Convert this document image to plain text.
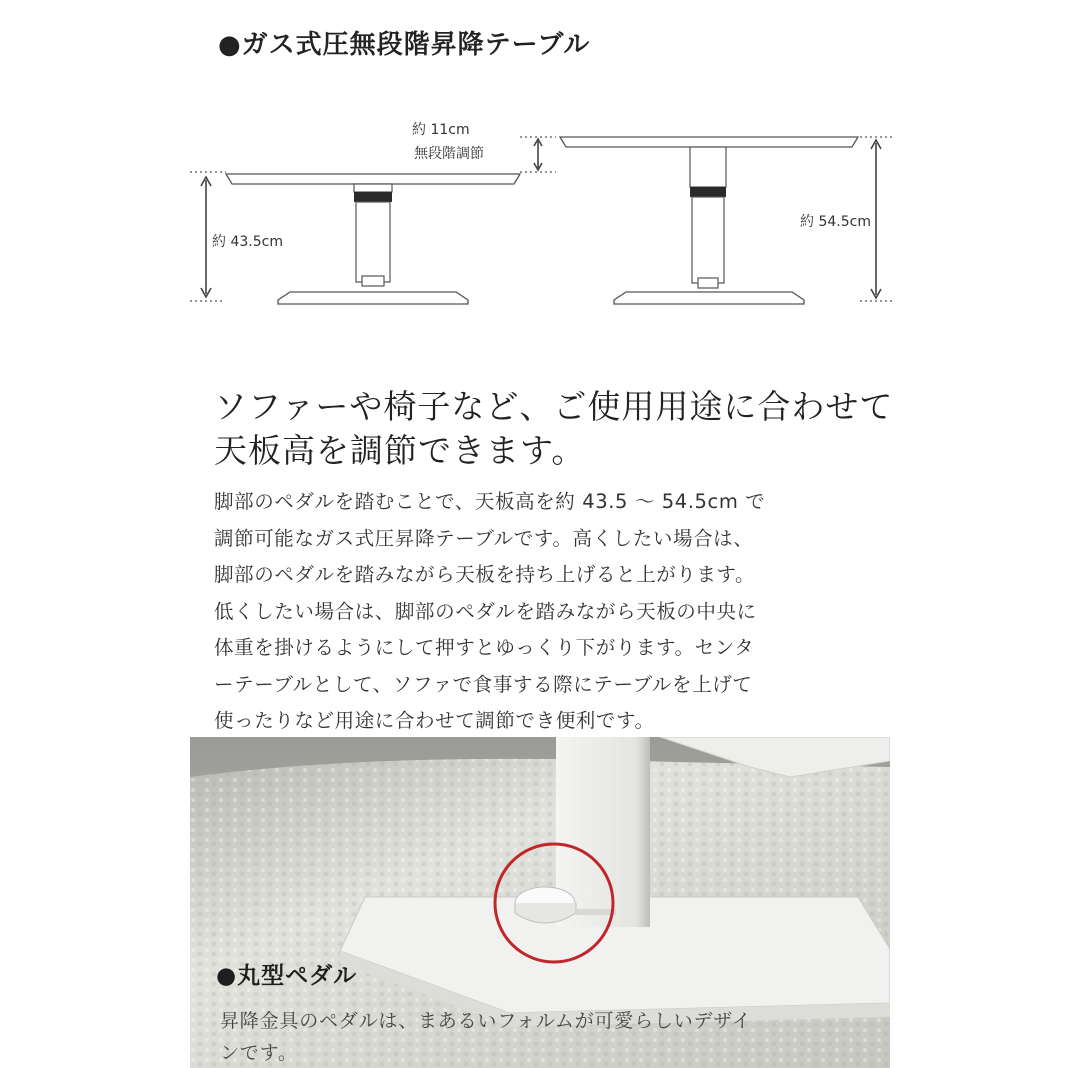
●ガス式圧無段階昇降テーブル
約 11cm
無段階調節
約 43.5cm
約 54.5cm
ソファーや椅子など、ご使用用途に合わせて
天板高を調節できます。
脚部のペダルを踏むことで、天板高を約 43.5 〜 54.5cm で
調節可能なガス式圧昇降テーブルです。高くしたい場合は、
脚部のペダルを踏みながら天板を持ち上げると上がります。
低くしたい場合は、脚部のペダルを踏みながら天板の中央に
体重を掛けるようにして押すとゆっくり下がります。センタ
ーテーブルとして、ソファで食事する際にテーブルを上げて
使ったりなど用途に合わせて調節でき便利です。
●丸型ペダル
昇降金具のペダルは、まあるいフォルムが可愛らしいデザイ
ンです。
